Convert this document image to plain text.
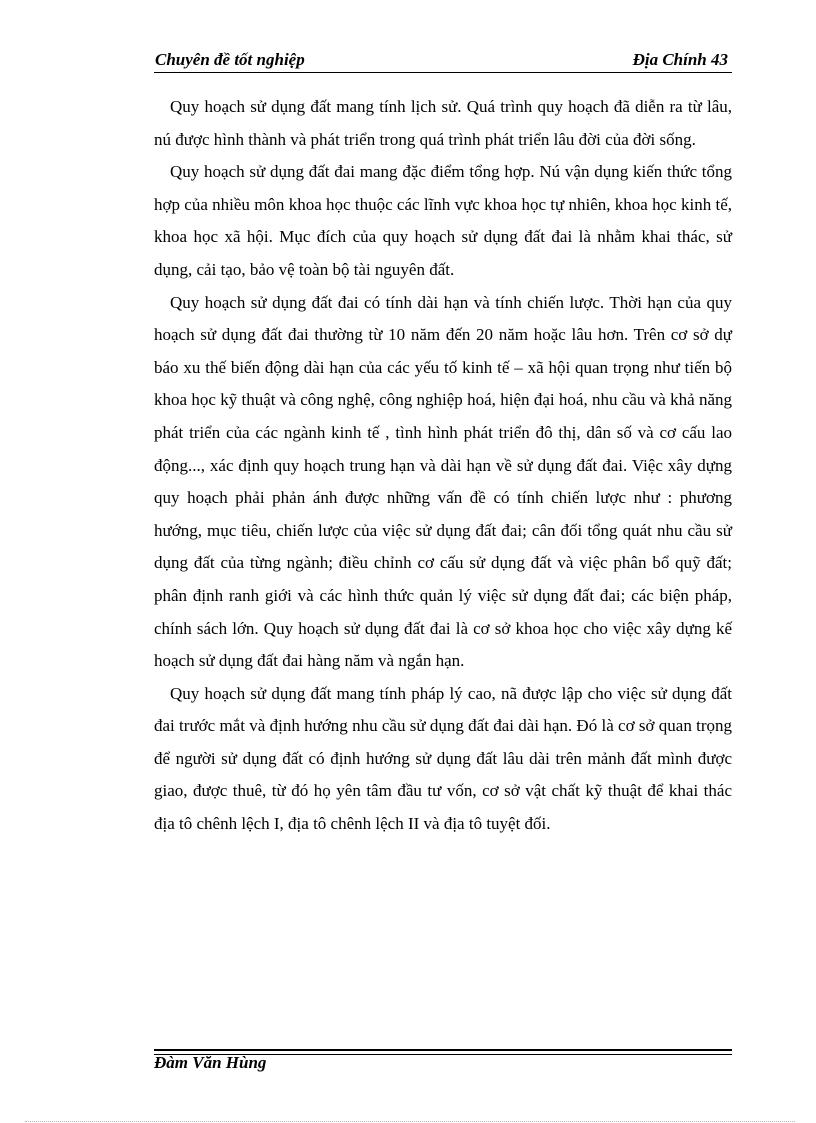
Chuyên đề tốt nghiệp	Địa Chính 43

Quy hoạch sử dụng đất mang tính lịch sử. Quá trình quy hoạch đã diễn ra từ lâu, nú được hình thành và phát triển trong quá trình phát triển lâu đời của đời sống.

Quy hoạch sử dụng đất đai mang đặc điểm tổng hợp. Nú vận dụng kiến thức tổng hợp của nhiều môn khoa học thuộc các lĩnh vực khoa học tự nhiên, khoa học kinh tế, khoa học xã hội. Mục đích của quy hoạch sử dụng đất đai là nhằm khai thác, sử dụng, cải tạo, bảo vệ toàn bộ tài nguyên đất.

Quy hoạch sử dụng đất đai có tính dài hạn và tính chiến lược. Thời hạn của quy hoạch sử dụng đất đai thường từ 10 năm đến 20 năm hoặc lâu hơn. Trên cơ sở dự báo xu thế biến động dài hạn của các yếu tố kinh tế – xã hội quan trọng như tiến bộ khoa học kỹ thuật và công nghệ, công nghiệp hoá, hiện đại hoá, nhu cầu và khả năng phát triển của các ngành kinh tế , tình hình phát triển đô thị, dân số và cơ cấu lao động..., xác định quy hoạch trung hạn và dài hạn về sử dụng đất đai. Việc xây dựng quy hoạch phải phản ánh được những vấn đề có tính chiến lược như : phương hướng, mục tiêu, chiến lược của việc sử dụng đất đai; cân đối tổng quát nhu cầu sử dụng đất của từng ngành; điều chỉnh cơ cấu sử dụng đất và việc phân bổ quỹ đất; phân định ranh giới và các hình thức quản lý việc sử dụng đất đai; các biện pháp, chính sách lớn. Quy hoạch sử dụng đất đai là cơ sở khoa học cho việc xây dựng kế hoạch sử dụng đất đai hàng năm và ngắn hạn.

Quy hoạch sử dụng đất mang tính pháp lý cao, nã được lập cho việc sử dụng đất đai trước mắt và định hướng nhu cầu sử dụng đất đai dài hạn. Đó là cơ sở quan trọng để người sử dụng đất có định hướng sử dụng đất lâu dài trên mảnh đất mình được giao, được thuê, từ đó họ yên tâm đầu tư vốn, cơ sở vật chất kỹ thuật để khai thác địa tô chênh lệch I, địa tô chênh lệch II và địa tô tuyệt đối.

Đàm Văn Hùng
